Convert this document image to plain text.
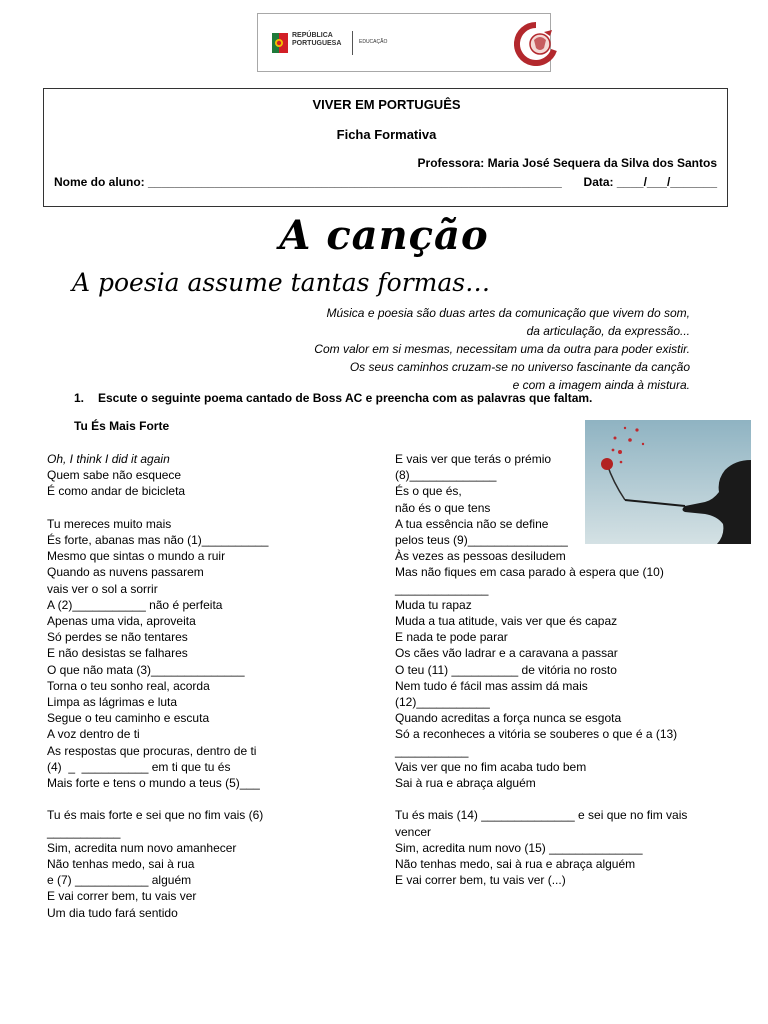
REPÚBLICA
PORTUGUESA	EDUCAÇÃO
VIVER EM PORTUGUÊS
Ficha Formativa
Professora: Maria José Sequera da Silva dos Santos
Nome do aluno: ______________________________________________________________ Data: ____/___/_______
A canção
A poesia assume tantas formas…
Música e poesia são duas artes da comunicação que vivem do som,
da articulação, da expressão...
Com valor em si mesmas, necessitam uma da outra para poder existir.
Os seus caminhos cruzam-se no universo fascinante da canção
e com a imagem ainda à mistura.
1. Escute o seguinte poema cantado de Boss AC e preencha com as palavras que faltam.
Tu És Mais Forte
Oh, I think I did it again
Quem sabe não esquece
É como andar de bicicleta
Tu mereces muito mais
És forte, abanas mas não (1)__________
Mesmo que sintas o mundo a ruir
Quando as nuvens passarem
vais ver o sol a sorrir
A (2)___________ não é perfeita
Apenas uma vida, aproveita
Só perdes se não tentares
E não desistas se falhares
O que não mata (3)______________
Torna o teu sonho real, acorda
Limpa as lágrimas e luta
Segue o teu caminho e escuta
A voz dentro de ti
As respostas que procuras, dentro de ti
(4)  _  __________ em ti que tu és
Mais forte e tens o mundo a teus (5)___
Tu és mais forte e sei que no fim vais (6)
___________
Sim, acredita num novo amanhecer
Não tenhas medo, sai à rua
e (7) ___________ alguém
E vai correr bem, tu vais ver
Um dia tudo fará sentido
E vais ver que terás o prémio
(8)_____________
És o que és,
não és o que tens
A tua essência não se define
pelos teus (9)_______________
Às vezes as pessoas desiludem
Mas não fiques em casa parado à espera que (10)
______________
Muda tu rapaz
Muda a tua atitude, vais ver que és capaz
E nada te pode parar
Os cães vão ladrar e a caravana a passar
O teu (11) __________ de vitória no rosto
Nem tudo é fácil mas assim dá mais
(12)___________
Quando acreditas a força nunca se esgota
Só a reconheces a vitória se souberes o que é a (13)
___________
Vais ver que no fim acaba tudo bem
Sai à rua e abraça alguém
Tu és mais (14) ______________ e sei que no fim vais
vencer
Sim, acredita num novo (15) ______________
Não tenhas medo, sai à rua e abraça alguém
E vai correr bem, tu vais ver (...)
